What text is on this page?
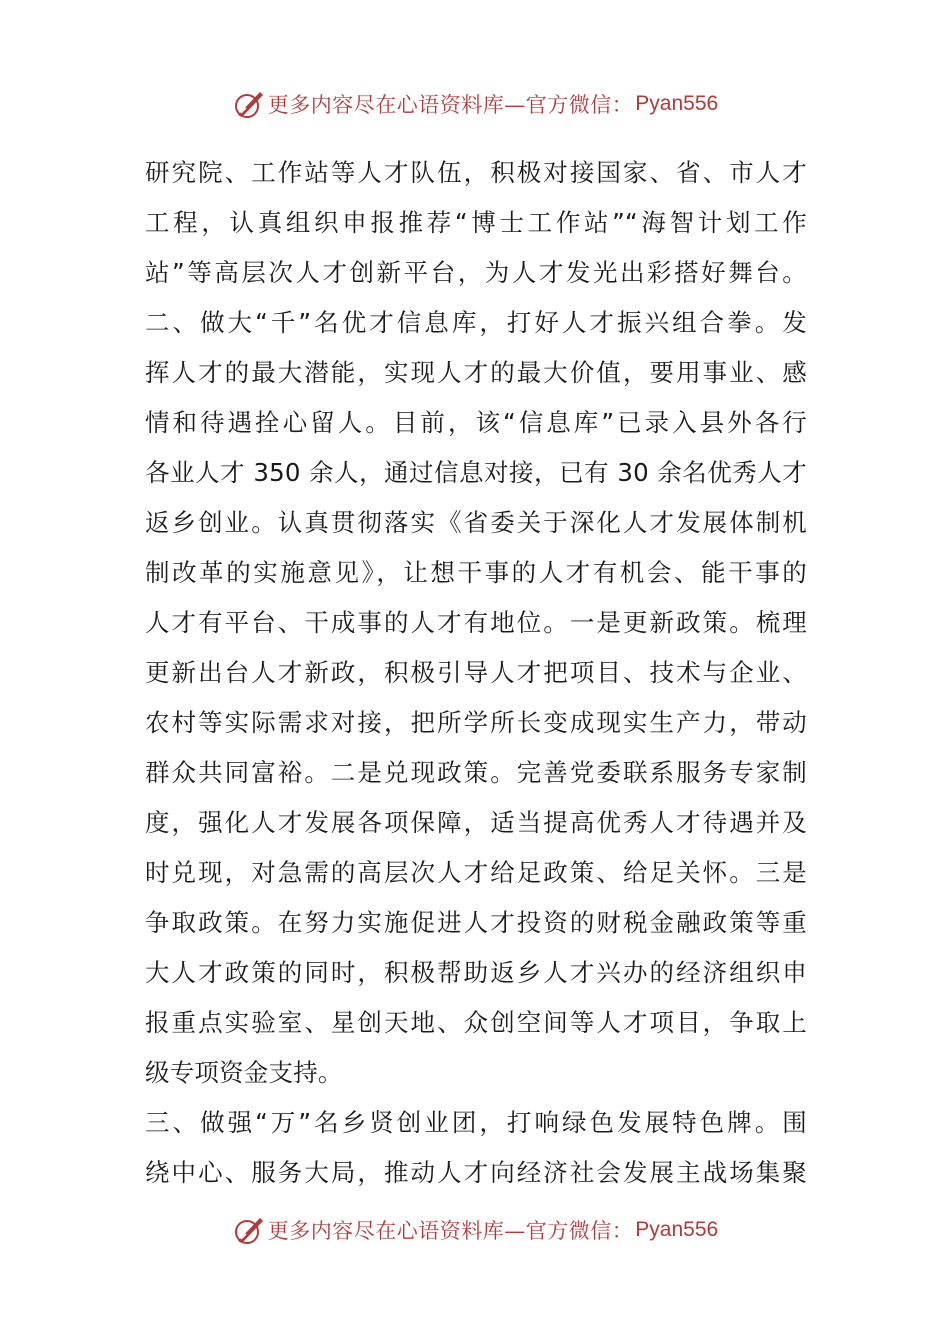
更多内容尽在心语资料库—官方微信： Pyan556
研究院、工作站等人才队伍，积极对接国家、省、市人才
工程，认真组织申报推荐“博士工作站”“海智计划工作
站”等高层次人才创新平台，为人才发光出彩搭好舞台。
二、做大“千”名优才信息库，打好人才振兴组合拳。发
挥人才的最大潜能，实现人才的最大价值，要用事业、感
情和待遇拴心留人。目前，该“信息库”已录入县外各行
各业人才 350 余人，通过信息对接，已有 30 余名优秀人才
返乡创业。认真贯彻落实《省委关于深化人才发展体制机
制改革的实施意见》，让想干事的人才有机会、能干事的
人才有平台、干成事的人才有地位。一是更新政策。梳理
更新出台人才新政，积极引导人才把项目、技术与企业、
农村等实际需求对接，把所学所长变成现实生产力，带动
群众共同富裕。二是兑现政策。完善党委联系服务专家制
度，强化人才发展各项保障，适当提高优秀人才待遇并及
时兑现，对急需的高层次人才给足政策、给足关怀。三是
争取政策。在努力实施促进人才投资的财税金融政策等重
大人才政策的同时，积极帮助返乡人才兴办的经济组织申
报重点实验室、星创天地、众创空间等人才项目，争取上
级专项资金支持。
三、做强“万”名乡贤创业团，打响绿色发展特色牌。围
绕中心、服务大局，推动人才向经济社会发展主战场集聚
更多内容尽在心语资料库—官方微信： Pyan556
